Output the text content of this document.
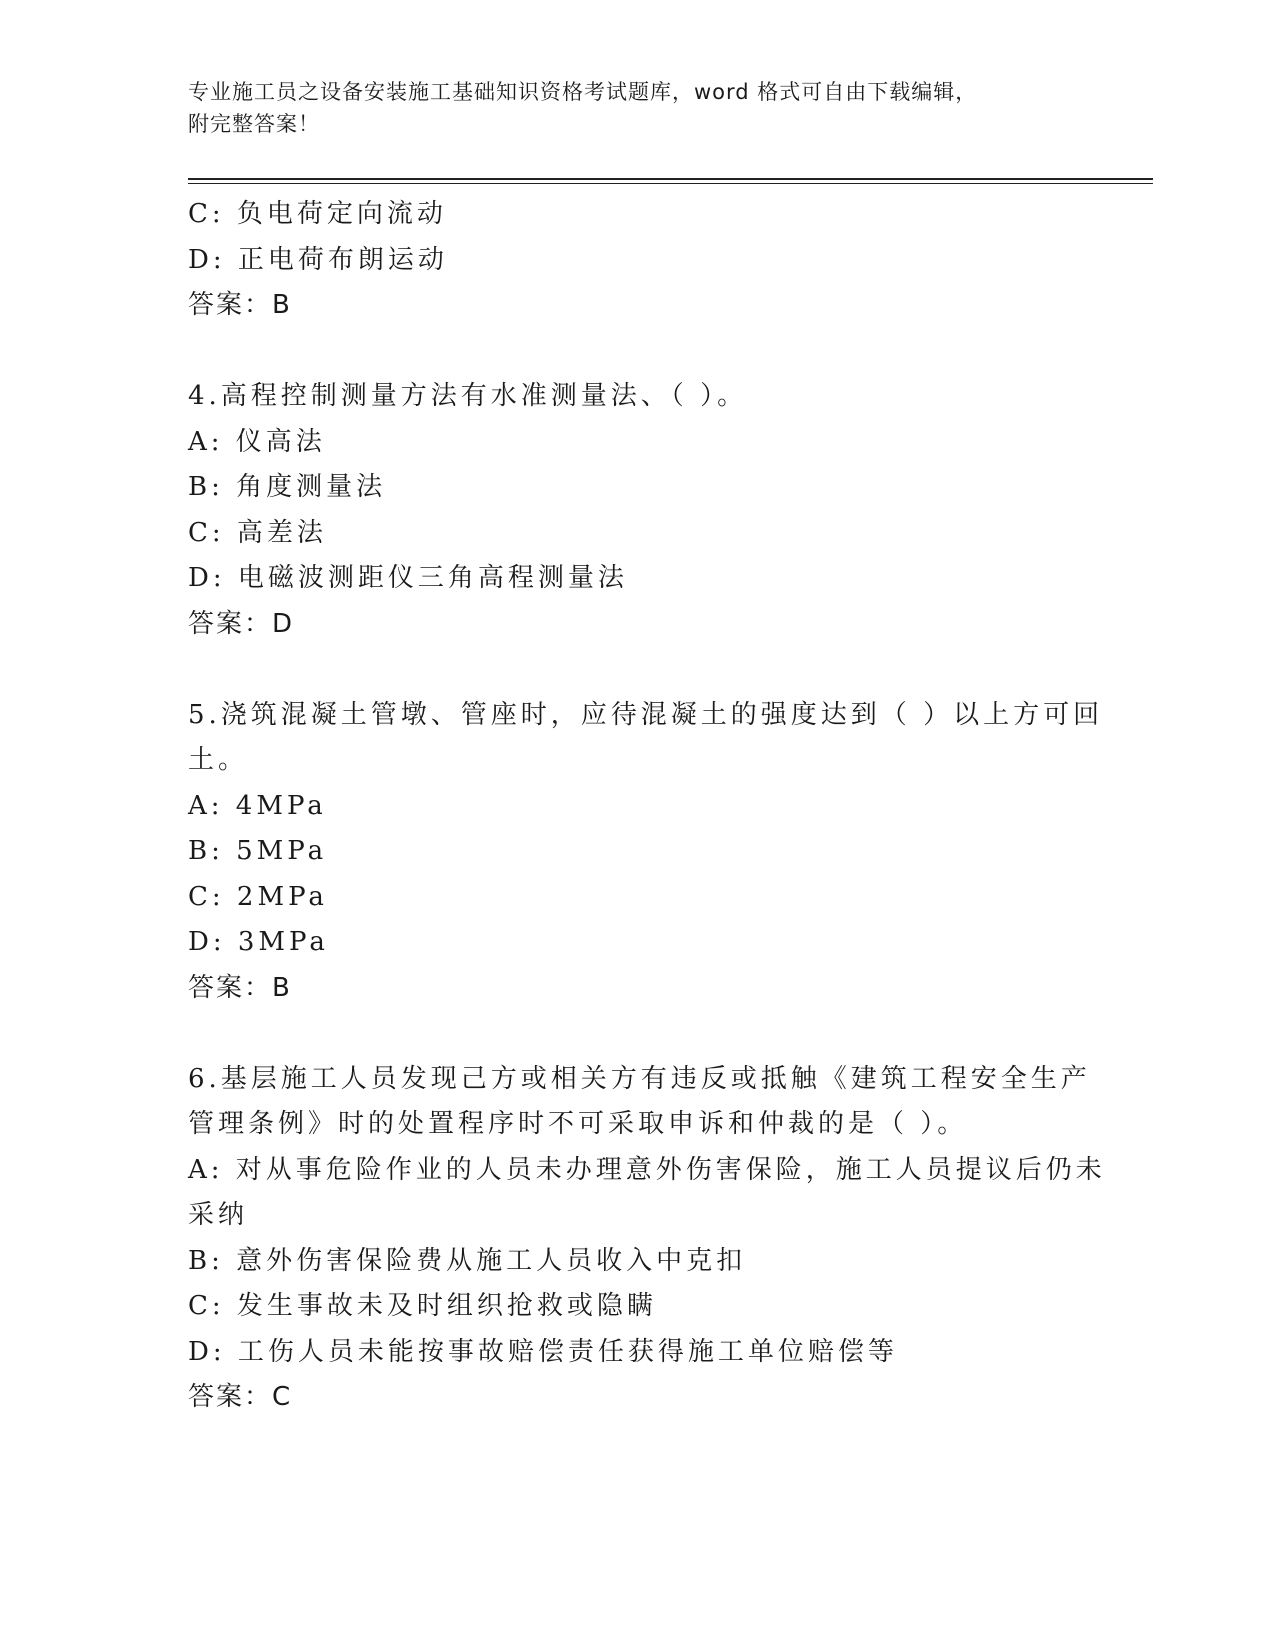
专业施工员之设备安装施工基础知识资格考试题库，word 格式可自由下载编辑，
附完整答案！
C: 负电荷定向流动
D: 正电荷布朗运动
答案：B
4.高程控制测量方法有水准测量法、（ ）。
A: 仪高法
B: 角度测量法
C: 高差法
D: 电磁波测距仪三角高程测量法
答案：D
5.浇筑混凝土管墩、管座时，应待混凝土的强度达到（ ）以上方可回
土。
A: 4MPa
B: 5MPa
C: 2MPa
D: 3MPa
答案：B
6.基层施工人员发现己方或相关方有违反或抵触《建筑工程安全生产
管理条例》时的处置程序时不可采取申诉和仲裁的是（ ）。
A: 对从事危险作业的人员未办理意外伤害保险，施工人员提议后仍未
采纳
B: 意外伤害保险费从施工人员收入中克扣
C: 发生事故未及时组织抢救或隐瞒
D: 工伤人员未能按事故赔偿责任获得施工单位赔偿等
答案：C
